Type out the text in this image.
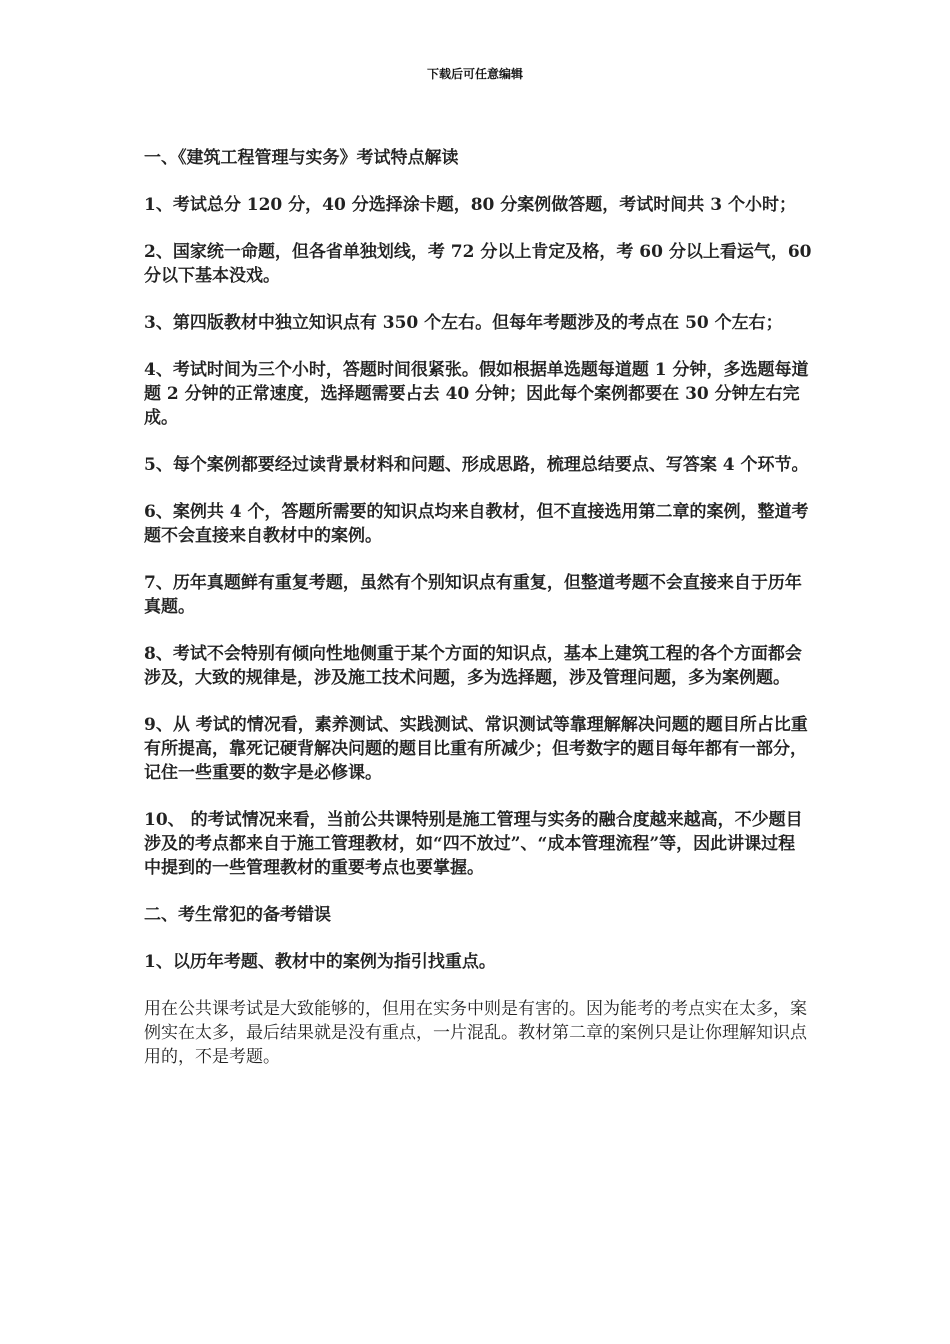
下载后可任意编辑

一、《建筑工程管理与实务》考试特点解读

1、考试总分 120 分，40 分选择涂卡题，80 分案例做答题，考试时间共 3 个小时；

2、国家统一命题，但各省单独划线，考 72 分以上肯定及格，考 60 分以上看运气，60 分以下基本没戏。

3、第四版教材中独立知识点有 350 个左右。但每年考题涉及的考点在 50 个左右；

4、考试时间为三个小时，答题时间很紧张。假如根据单选题每道题 1 分钟，多选题每道题 2 分钟的正常速度，选择题需要占去 40 分钟；因此每个案例都要在 30 分钟左右完成。

5、每个案例都要经过读背景材料和问题、形成思路，梳理总结要点、写答案 4 个环节。

6、案例共 4 个，答题所需要的知识点均来自教材，但不直接选用第二章的案例，整道考题不会直接来自教材中的案例。

7、历年真题鲜有重复考题，虽然有个别知识点有重复，但整道考题不会直接来自于历年真题。

8、考试不会特别有倾向性地侧重于某个方面的知识点，基本上建筑工程的各个方面都会涉及，大致的规律是，涉及施工技术问题，多为选择题，涉及管理问题，多为案例题。

9、从 考试的情况看，素养测试、实践测试、常识测试等靠理解解决问题的题目所占比重有所提高，靠死记硬背解决问题的题目比重有所减少；但考数字的题目每年都有一部分，记住一些重要的数字是必修课。

10、 的考试情况来看，当前公共课特别是施工管理与实务的融合度越来越高，不少题目涉及的考点都来自于施工管理教材，如“四不放过”、“成本管理流程”等，因此讲课过程中提到的一些管理教材的重要考点也要掌握。

二、考生常犯的备考错误

1、以历年考题、教材中的案例为指引找重点。

用在公共课考试是大致能够的，但用在实务中则是有害的。因为能考的考点实在太多，案例实在太多，最后结果就是没有重点，一片混乱。教材第二章的案例只是让你理解知识点用的，不是考题。
